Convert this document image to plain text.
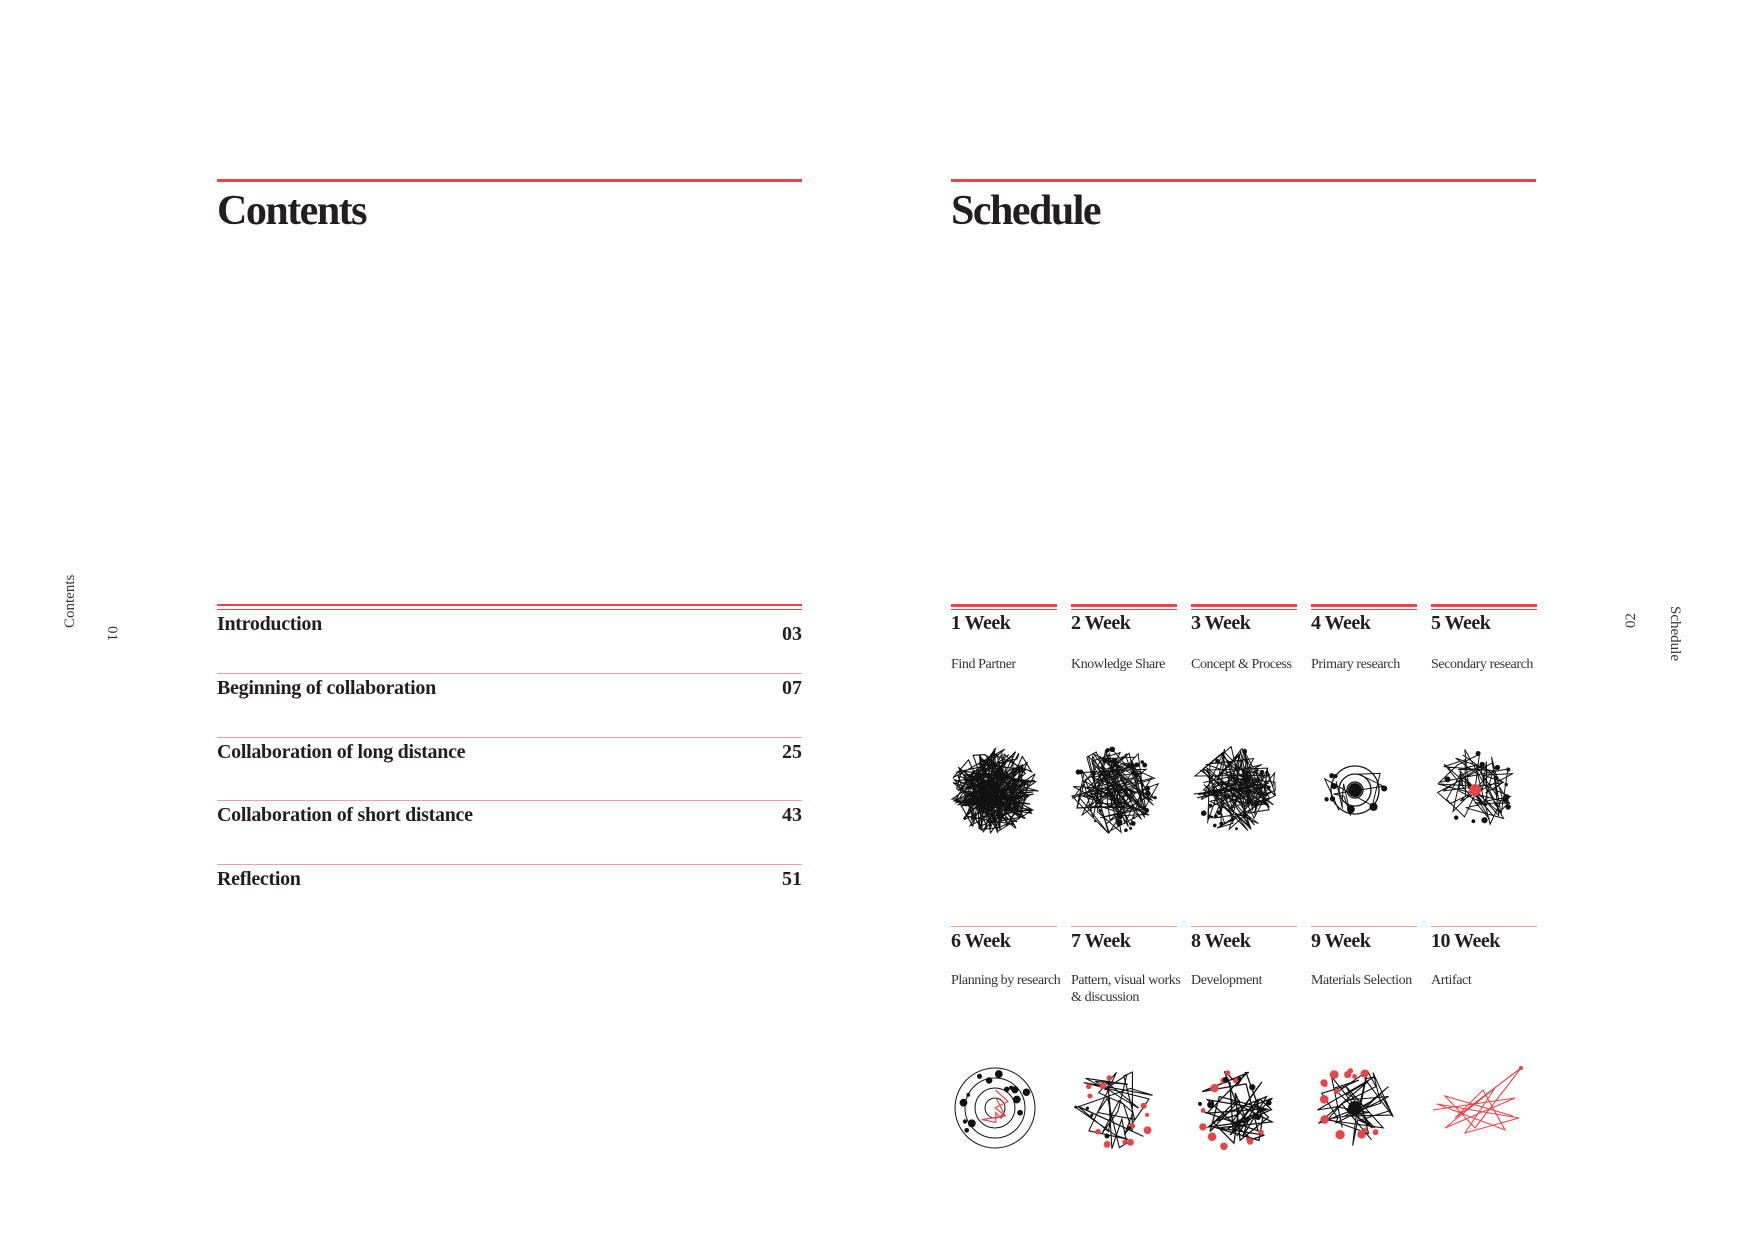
Contents
Contents
01	Introduction	03
Beginning of collaboration	07
Collaboration of long distance	25
Collaboration of short distance	43
Reflection	51
Schedule
02 Schedule
1 Week
Find Partner
2 Week
Knowledge Share
3 Week
Concept & Process
4 Week
Primary research
5 Week
Secondary research
6 Week
Planning by research
7 Week
Pattern, visual works & discussion
8 Week
Development
9 Week
Materials Selection
10 Week
Artifact
